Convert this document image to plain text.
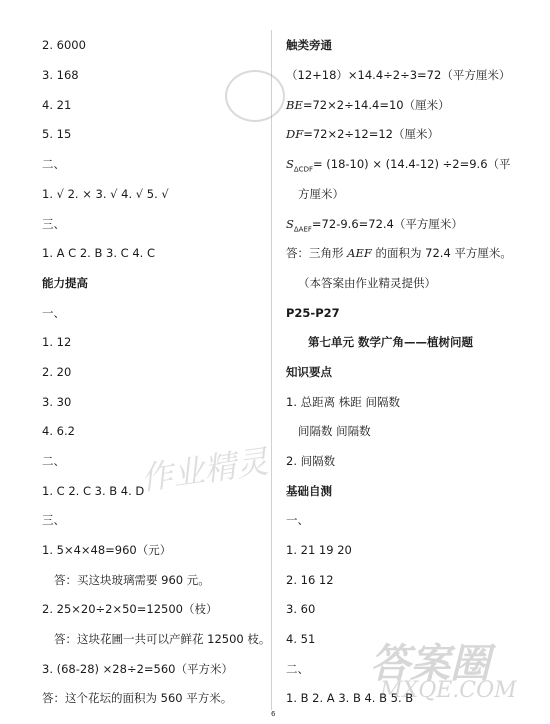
作业精灵
答案圈
MXQE.COM
2. 6000
3. 168
4. 21
5. 15
二、
1. √ 2. × 3. √ 4. √ 5. √
三、
1. A C 2. B 3. C 4. C
能力提高
一、
1. 12
2. 20
3. 30
4. 6.2
二、
1. C 2. C 3. B 4. D
三、
1. 5×4×48=960（元）
答：买这块玻璃需要 960 元。
2. 25×20÷2×50=12500（枝）
答：这块花圃一共可以产鲜花 12500 枝。
3. (68-28) ×28÷2=560（平方米）
答：这个花坛的面积为 560 平方米。
触类旁通
（12+18）×14.4÷2÷3=72（平方厘米）
BE=72×2÷14.4=10（厘米）
DF=72×2÷12=12（厘米）
$S_{\Delta CDF}= (18-10) \times (14.4-12) \div 2=9.6$（平
方厘米）
$S_{\Delta AEF}=72-9.6=72.4$（平方厘米）
答：三角形 AEF 的面积为 72.4 平方厘米。
（本答案由作业精灵提供）
P25-P27
第七单元 数学广角——植树问题
知识要点
1. 总距离 株距 间隔数
间隔数 间隔数
2. 间隔数
基础自测
一、
1. 21 19 20
2. 16 12
3. 60
4. 51
二、
1. B 2. A 3. B 4. B 5. B
6
